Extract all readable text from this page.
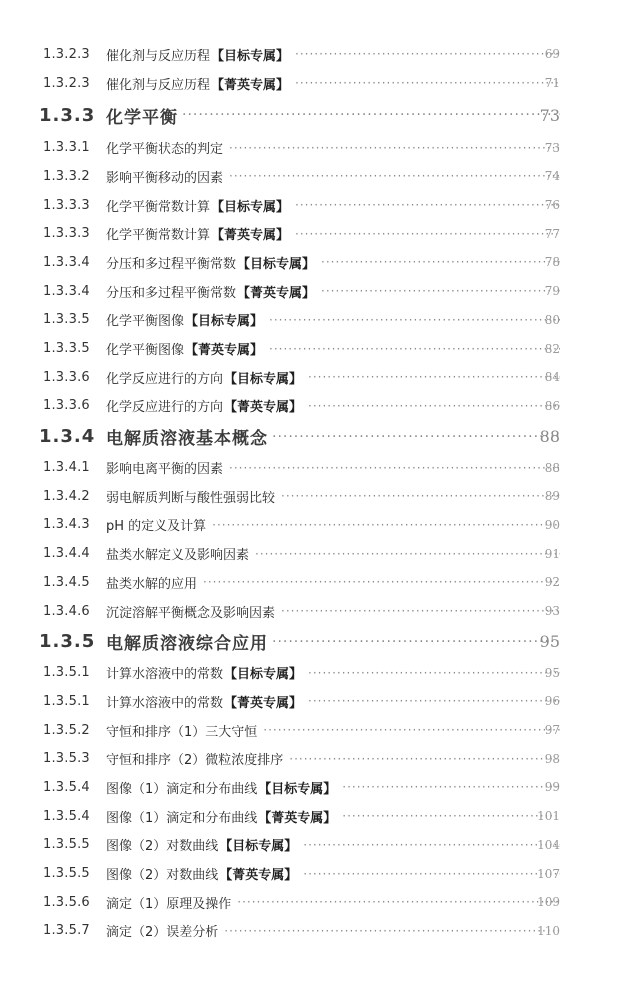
1.3.2.3 催化剂与反应历程 【目标专属】 ·····	69
1.3.2.3 催化剂与反应历程 【菁英专属】 ·····	71
1.3.3 化学平衡 ·····	73
1.3.3.1 化学平衡状态的判定 ·····	73
1.3.3.2 影响平衡移动的因素 ·····	74
1.3.3.3 化学平衡常数计算 【目标专属】 ·····	76
1.3.3.3 化学平衡常数计算 【菁英专属】 ·····	77
1.3.3.4 分压和多过程平衡常数 【目标专属】 ·····	78
1.3.3.4 分压和多过程平衡常数 【菁英专属】 ·····	79
1.3.3.5 化学平衡图像 【目标专属】 ·····	80
1.3.3.5 化学平衡图像 【菁英专属】 ·····	82
1.3.3.6 化学反应进行的方向 【目标专属】 ·····	84
1.3.3.6 化学反应进行的方向 【菁英专属】 ·····	86
1.3.4 电解质溶液基本概念 ·····	88
1.3.4.1 影响电离平衡的因素 ·····	88
1.3.4.2 弱电解质判断与酸性强弱比较 ·····	89
1.3.4.3 pH 的定义及计算 ·····	90
1.3.4.4 盐类水解定义及影响因素 ·····	91
1.3.4.5 盐类水解的应用 ·····	92
1.3.4.6 沉淀溶解平衡概念及影响因素 ·····	93
1.3.5 电解质溶液综合应用 ·····	95
1.3.5.1 计算水溶液中的常数 【目标专属】 ·····	95
1.3.5.1 计算水溶液中的常数 【菁英专属】 ·····	96
1.3.5.2 守恒和排序（1）三大守恒 ·····	97
1.3.5.3 守恒和排序（2）微粒浓度排序 ·····	98
1.3.5.4 图像（1）滴定和分布曲线 【目标专属】 ·····	99
1.3.5.4 图像（1）滴定和分布曲线 【菁英专属】 ·····	101
1.3.5.5 图像（2）对数曲线 【目标专属】 ·····	104
1.3.5.5 图像（2）对数曲线 【菁英专属】 ·····	107
1.3.5.6 滴定（1）原理及操作 ·····	109
1.3.5.7 滴定（2）误差分析 ·····	110
